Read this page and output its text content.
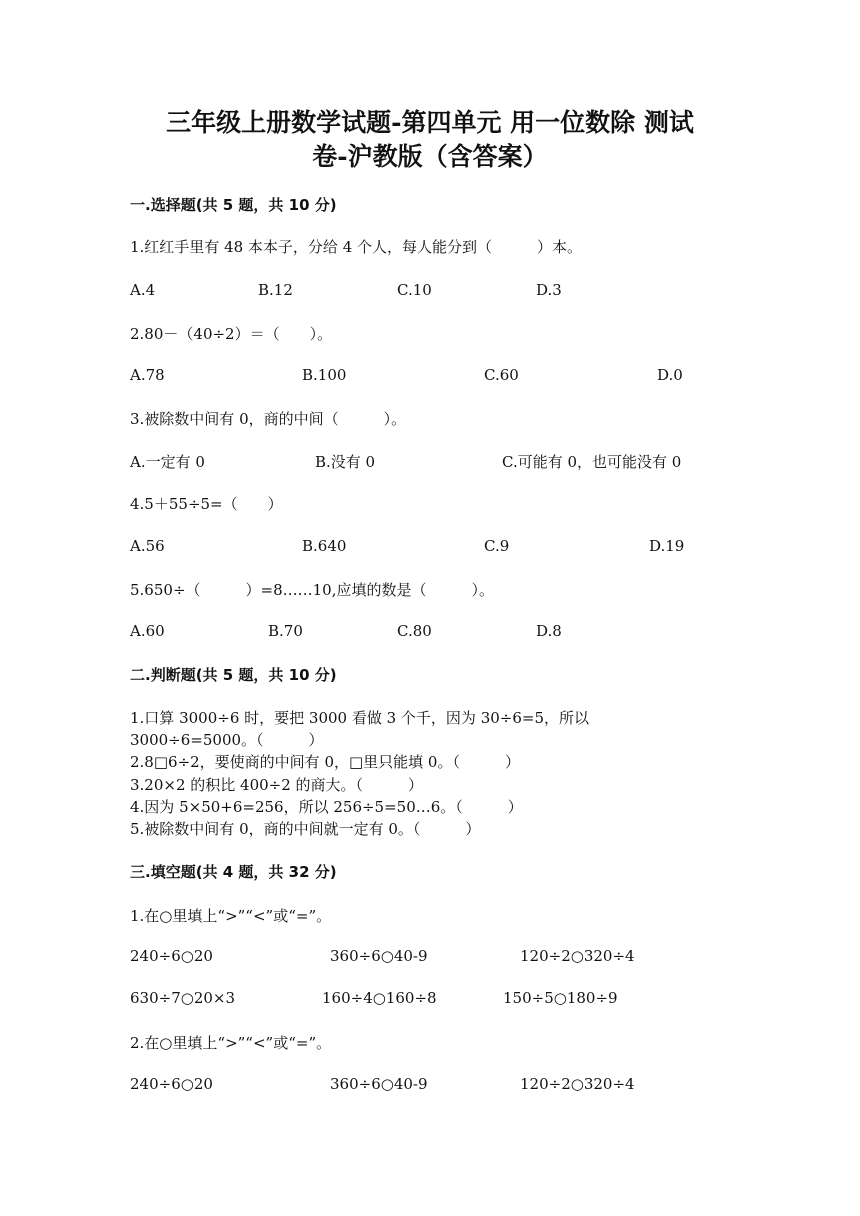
三年级上册数学试题-第四单元 用一位数除 测试
卷-沪教版（含答案）
一.选择题(共 5 题，共 10 分)
1.红红手里有 48 本本子，分给 4 个人，每人能分到（　　　）本。
A.4	B.12	C.10	D.3
2.80－（40÷2）＝（　　）。
A.78	B.100	C.60	D.0
3.被除数中间有 0，商的中间（　　　）。
A.一定有 0	B.没有 0	C.可能有 0，也可能没有 0
4.5＋55÷5=（　　）
A.56	B.640	C.9	D.19
5.650÷（　　　）=8……10,应填的数是（　　　）。
A.60	B.70	C.80	D.8
二.判断题(共 5 题，共 10 分)
1.口算 3000÷6 时，要把 3000 看做 3 个千，因为 30÷6=5，所以
3000÷6=5000。（　　　）
2.8□6÷2，要使商的中间有 0，□里只能填 0。（　　　）
3.20×2 的积比 400÷2 的商大。（　　　）
4.因为 5×50+6=256，所以 256÷5=50…6。（　　　）
5.被除数中间有 0，商的中间就一定有 0。（　　　）
三.填空题(共 4 题，共 32 分)
1.在○里填上“>”“<”或“=”。
240÷6○20	360÷6○40-9	120÷2○320÷4
630÷7○20×3	160÷4○160÷8	150÷5○180÷9
2.在○里填上“>”“<”或“=”。
240÷6○20	360÷6○40-9	120÷2○320÷4
